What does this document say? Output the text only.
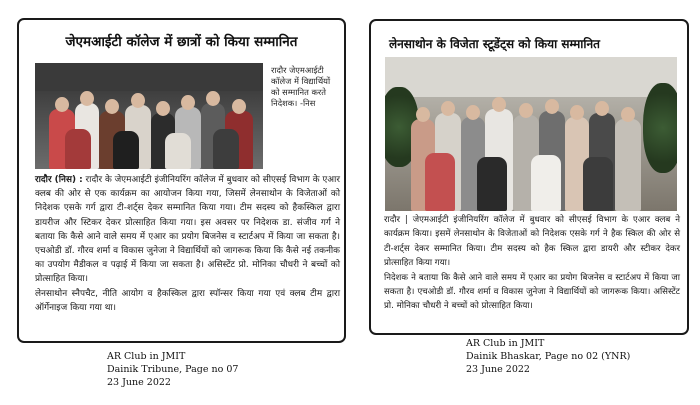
जेएमआईटी कॉलेज में छात्रों को किया सम्मानित
रादौर जेएमआईटी कॉलेज में विद्यार्थियों को सम्मानित करते निदेशक। -निस

रादौर (निस) : रादौर के जेएमआईटी इंजीनियरिंग कॉलेज में बुधवार को सीएसई विभाग के एआर क्लब की ओर से एक कार्यक्रम का आयोजन किया गया, जिसमें लेनसाथोन के विजेताओं को निदेशक एसके गर्ग द्वारा टी-शर्ट्स देकर सम्मानित किया गया। टीम सदस्य को हैकस्किल द्वारा डायरीज और स्टिकर देकर प्रोत्साहित किया गया। इस अवसर पर निदेशक डा. संजीव गर्ग ने बताया कि कैसे आने वाले समय में एआर का प्रयोग बिजनेस व स्टार्टअप में किया जा सकता है। एचओडी डॉ. गौरव शर्मा व विकास जुनेजा ने विद्यार्थियों को जागरूक किया कि कैसे नई तकनीक का उपयोग मैडीकल व पढ़ाई में किया जा सकता है। असिस्टेंट प्रो. मोनिका चौधरी ने बच्चों को प्रोत्साहित किया।

लेनसाथोन स्नैपचैट, नीति आयोग व हैकस्किल द्वारा स्पॉन्सर किया गया एवं क्लब टीम द्वारा ऑर्गेनाइज किया गया था।

लेनसाथोन के विजेता स्टूडेंट्स को किया सम्मानित

रादौर | जेएमआईटी इंजीनियरिंग कॉलेज में बुधवार को सीएसई विभाग के एआर क्लब ने कार्यक्रम किया। इसमें लेनसाथोन के विजेताओं को निदेशक एसके गर्ग ने हैक स्किल की ओर से टी-शर्ट्स देकर सम्मानित किया। टीम सदस्य को हैक स्किल द्वारा डायरी और स्टीकर देकर प्रोत्साहित किया गया।

निदेशक ने बताया कि कैसे आने वाले समय में एआर का प्रयोग बिजनेस व स्टार्टअप में किया जा सकता है। एचओडी डॉ. गौरव शर्मा व विकास जुनेजा ने विद्यार्थियों को जागरूक किया। असिस्टेंट प्रो. मोनिका चौधरी ने बच्चों को प्रोत्साहित किया।

AR Club in JMIT
Dainik Tribune, Page no 07
23 June 2022
AR Club in JMIT
Dainik Bhaskar, Page no 02 (YNR)
23 June 2022
